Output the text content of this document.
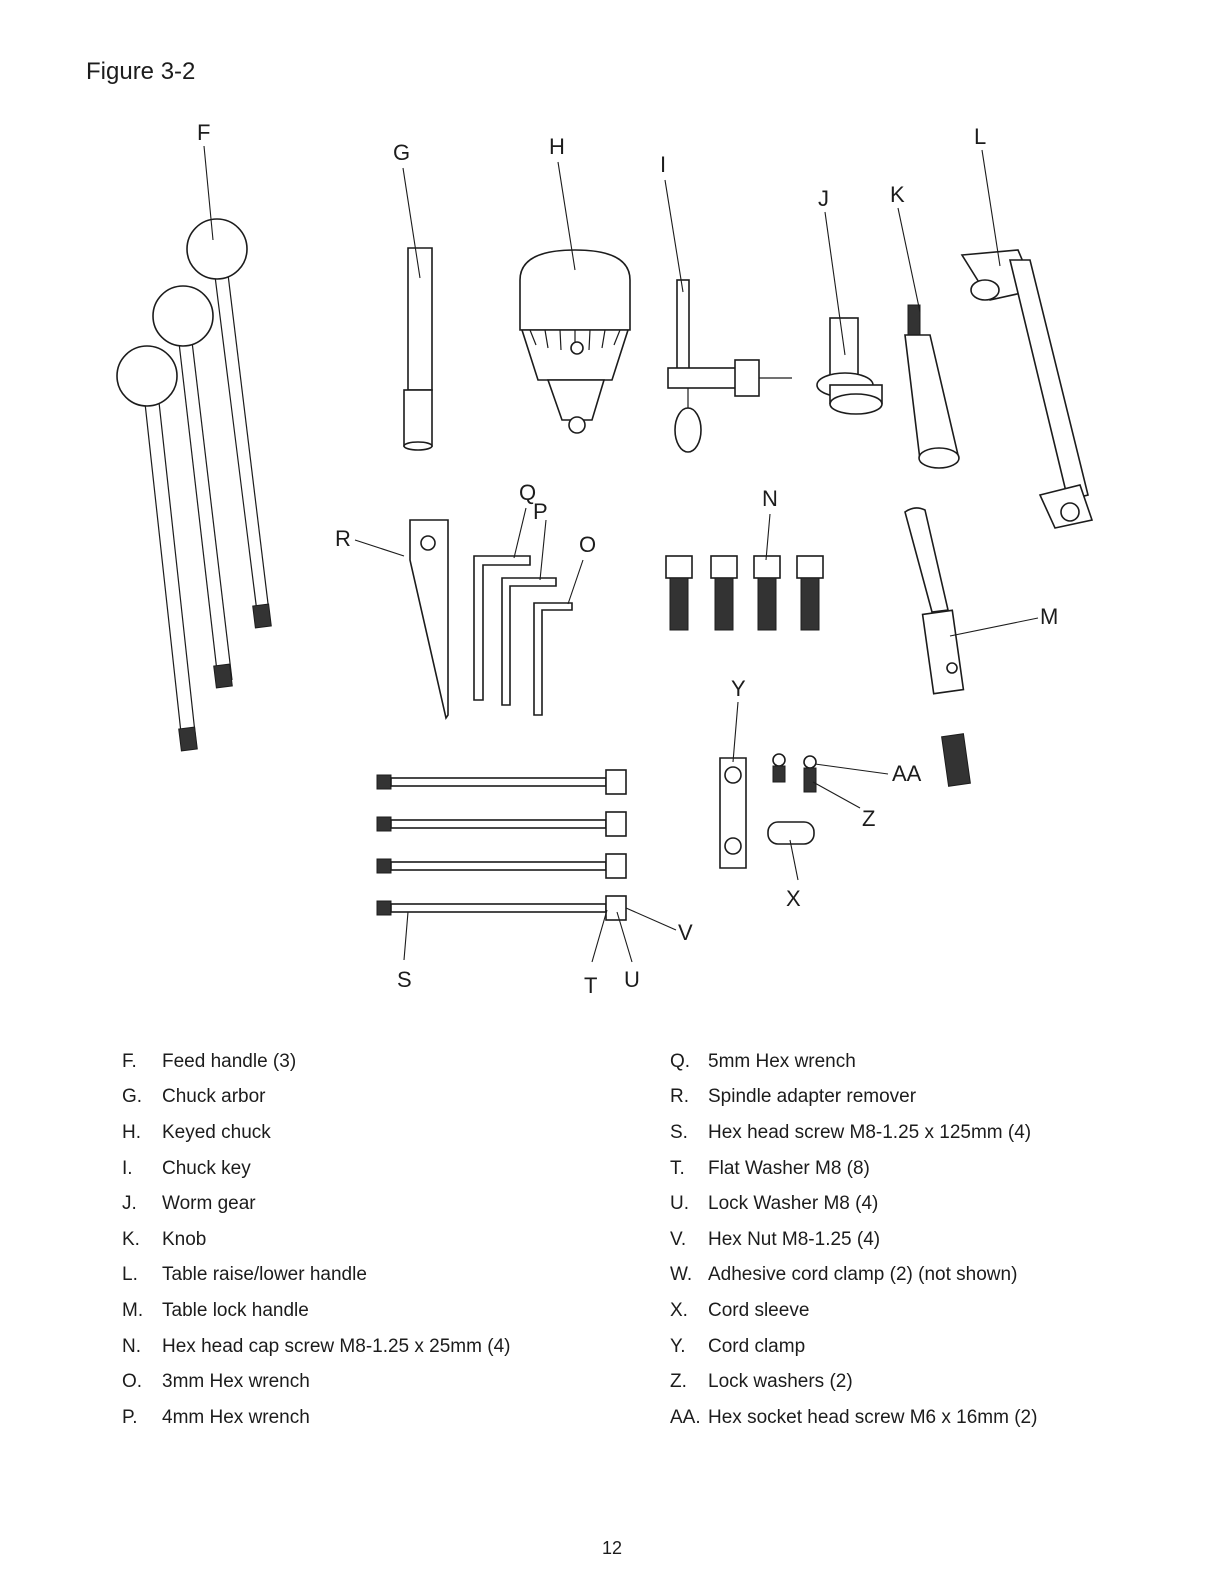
Figure 3-2
F
G	H
I
J	K
L
M
N
O
P
Q
R
S	T U
V
X
Y
Z
AA
F.	Feed handle (3)
G.	Chuck arbor
H.	Keyed chuck
I.	Chuck key
J.	Worm gear
K.	Knob
L.	Table raise/lower handle
M. Table lock handle
N.	Hex head cap screw M8-1.25 x 25mm (4)
O.	3mm Hex wrench
P.	4mm Hex wrench
Q. 5mm Hex wrench
R.	Spindle adapter remover
S.	Hex head screw M8-1.25 x 125mm (4)
T.	Flat Washer M8 (8)
U.	Lock Washer M8 (4)
V.	Hex Nut M8-1.25 (4)
W. Adhesive cord clamp (2) (not shown)
X.	Cord sleeve
Y.	Cord clamp
Z.	Lock washers (2)
AA. Hex socket head screw M6 x 16mm (2)
12
